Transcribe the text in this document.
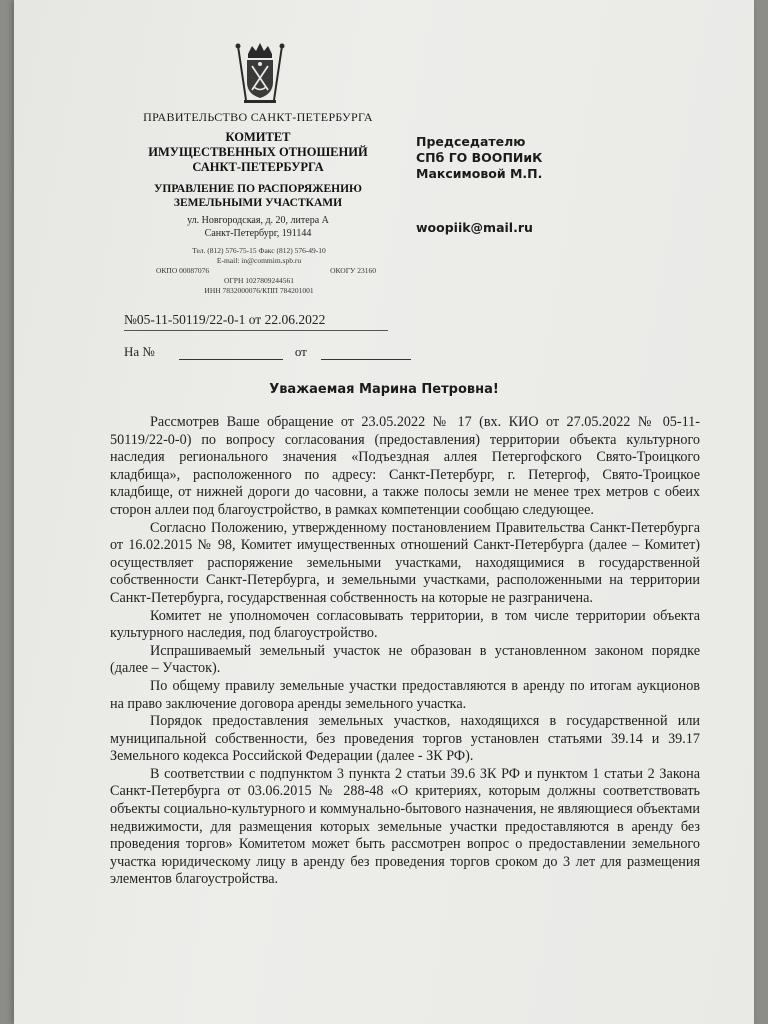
ПРАВИТЕЛЬСТВО САНКТ-ПЕТЕРБУРГА
КОМИТЕТ
ИМУЩЕСТВЕННЫХ ОТНОШЕНИЙ
САНКТ-ПЕТЕРБУРГА
УПРАВЛЕНИЕ ПО РАСПОРЯЖЕНИЮ
ЗЕМЕЛЬНЫМИ УЧАСТКАМИ
ул. Новгородская, д. 20, литера А
Санкт-Петербург, 191144
Тел. (812) 576-75-15 Факс (812) 576-49-10
E-mail: in@commim.spb.ru
ОКПО 00087076	ОКОГУ 23160
ОГРН 1027809244561
ИНН 7832000076/КПП 784201001
№05-11-50119/22-0-1 от 22.06.2022
На №	от
Председателю
СПб ГО ВООПИиК
Максимовой М.П.
woopiik@mail.ru
Уважаемая Марина Петровна!

Рассмотрев Ваше обращение от 23.05.2022 № 17 (вх. КИО от 27.05.2022 № 05-11-50119/22-0-0) по вопросу согласования (предоставления) территории объекта культурного наследия регионального значения «Подъездная аллея Петергофского Свято-Троицкого кладбища», расположенного по адресу: Санкт-Петербург, г. Петергоф, Свято-Троицкое кладбище, от нижней дороги до часовни, а также полосы земли не менее трех метров с обеих сторон аллеи под благоустройство, в рамках компетенции сообщаю следующее.

Согласно Положению, утвержденному постановлением Правительства Санкт-Петербурга от 16.02.2015 № 98, Комитет имущественных отношений Санкт-Петербурга (далее – Комитет) осуществляет распоряжение земельными участками, находящимися в государственной собственности Санкт-Петербурга, и земельными участками, расположенными на территории Санкт-Петербурга, государственная собственность на которые не разграничена.

Комитет не уполномочен согласовывать территории, в том числе территории объекта культурного наследия, под благоустройство.

Испрашиваемый земельный участок не образован в установленном законом порядке (далее – Участок).

По общему правилу земельные участки предоставляются в аренду по итогам аукционов на право заключение договора аренды земельного участка.

Порядок предоставления земельных участков, находящихся в государственной или муниципальной собственности, без проведения торгов установлен статьями 39.14 и 39.17 Земельного кодекса Российской Федерации (далее - ЗК РФ).

В соответствии с подпунктом 3 пункта 2 статьи 39.6 ЗК РФ и пунктом 1 статьи 2 Закона Санкт-Петербурга от 03.06.2015 № 288-48 «О критериях, которым должны соответствовать объекты социально-культурного и коммунально-бытового назначения, не являющиеся объектами недвижимости, для размещения которых земельные участки предоставляются в аренду без проведения торгов» Комитетом может быть рассмотрен вопрос о предоставлении земельного участка юридическому лицу в аренду без проведения торгов сроком до 3 лет для размещения элементов благоустройства.
